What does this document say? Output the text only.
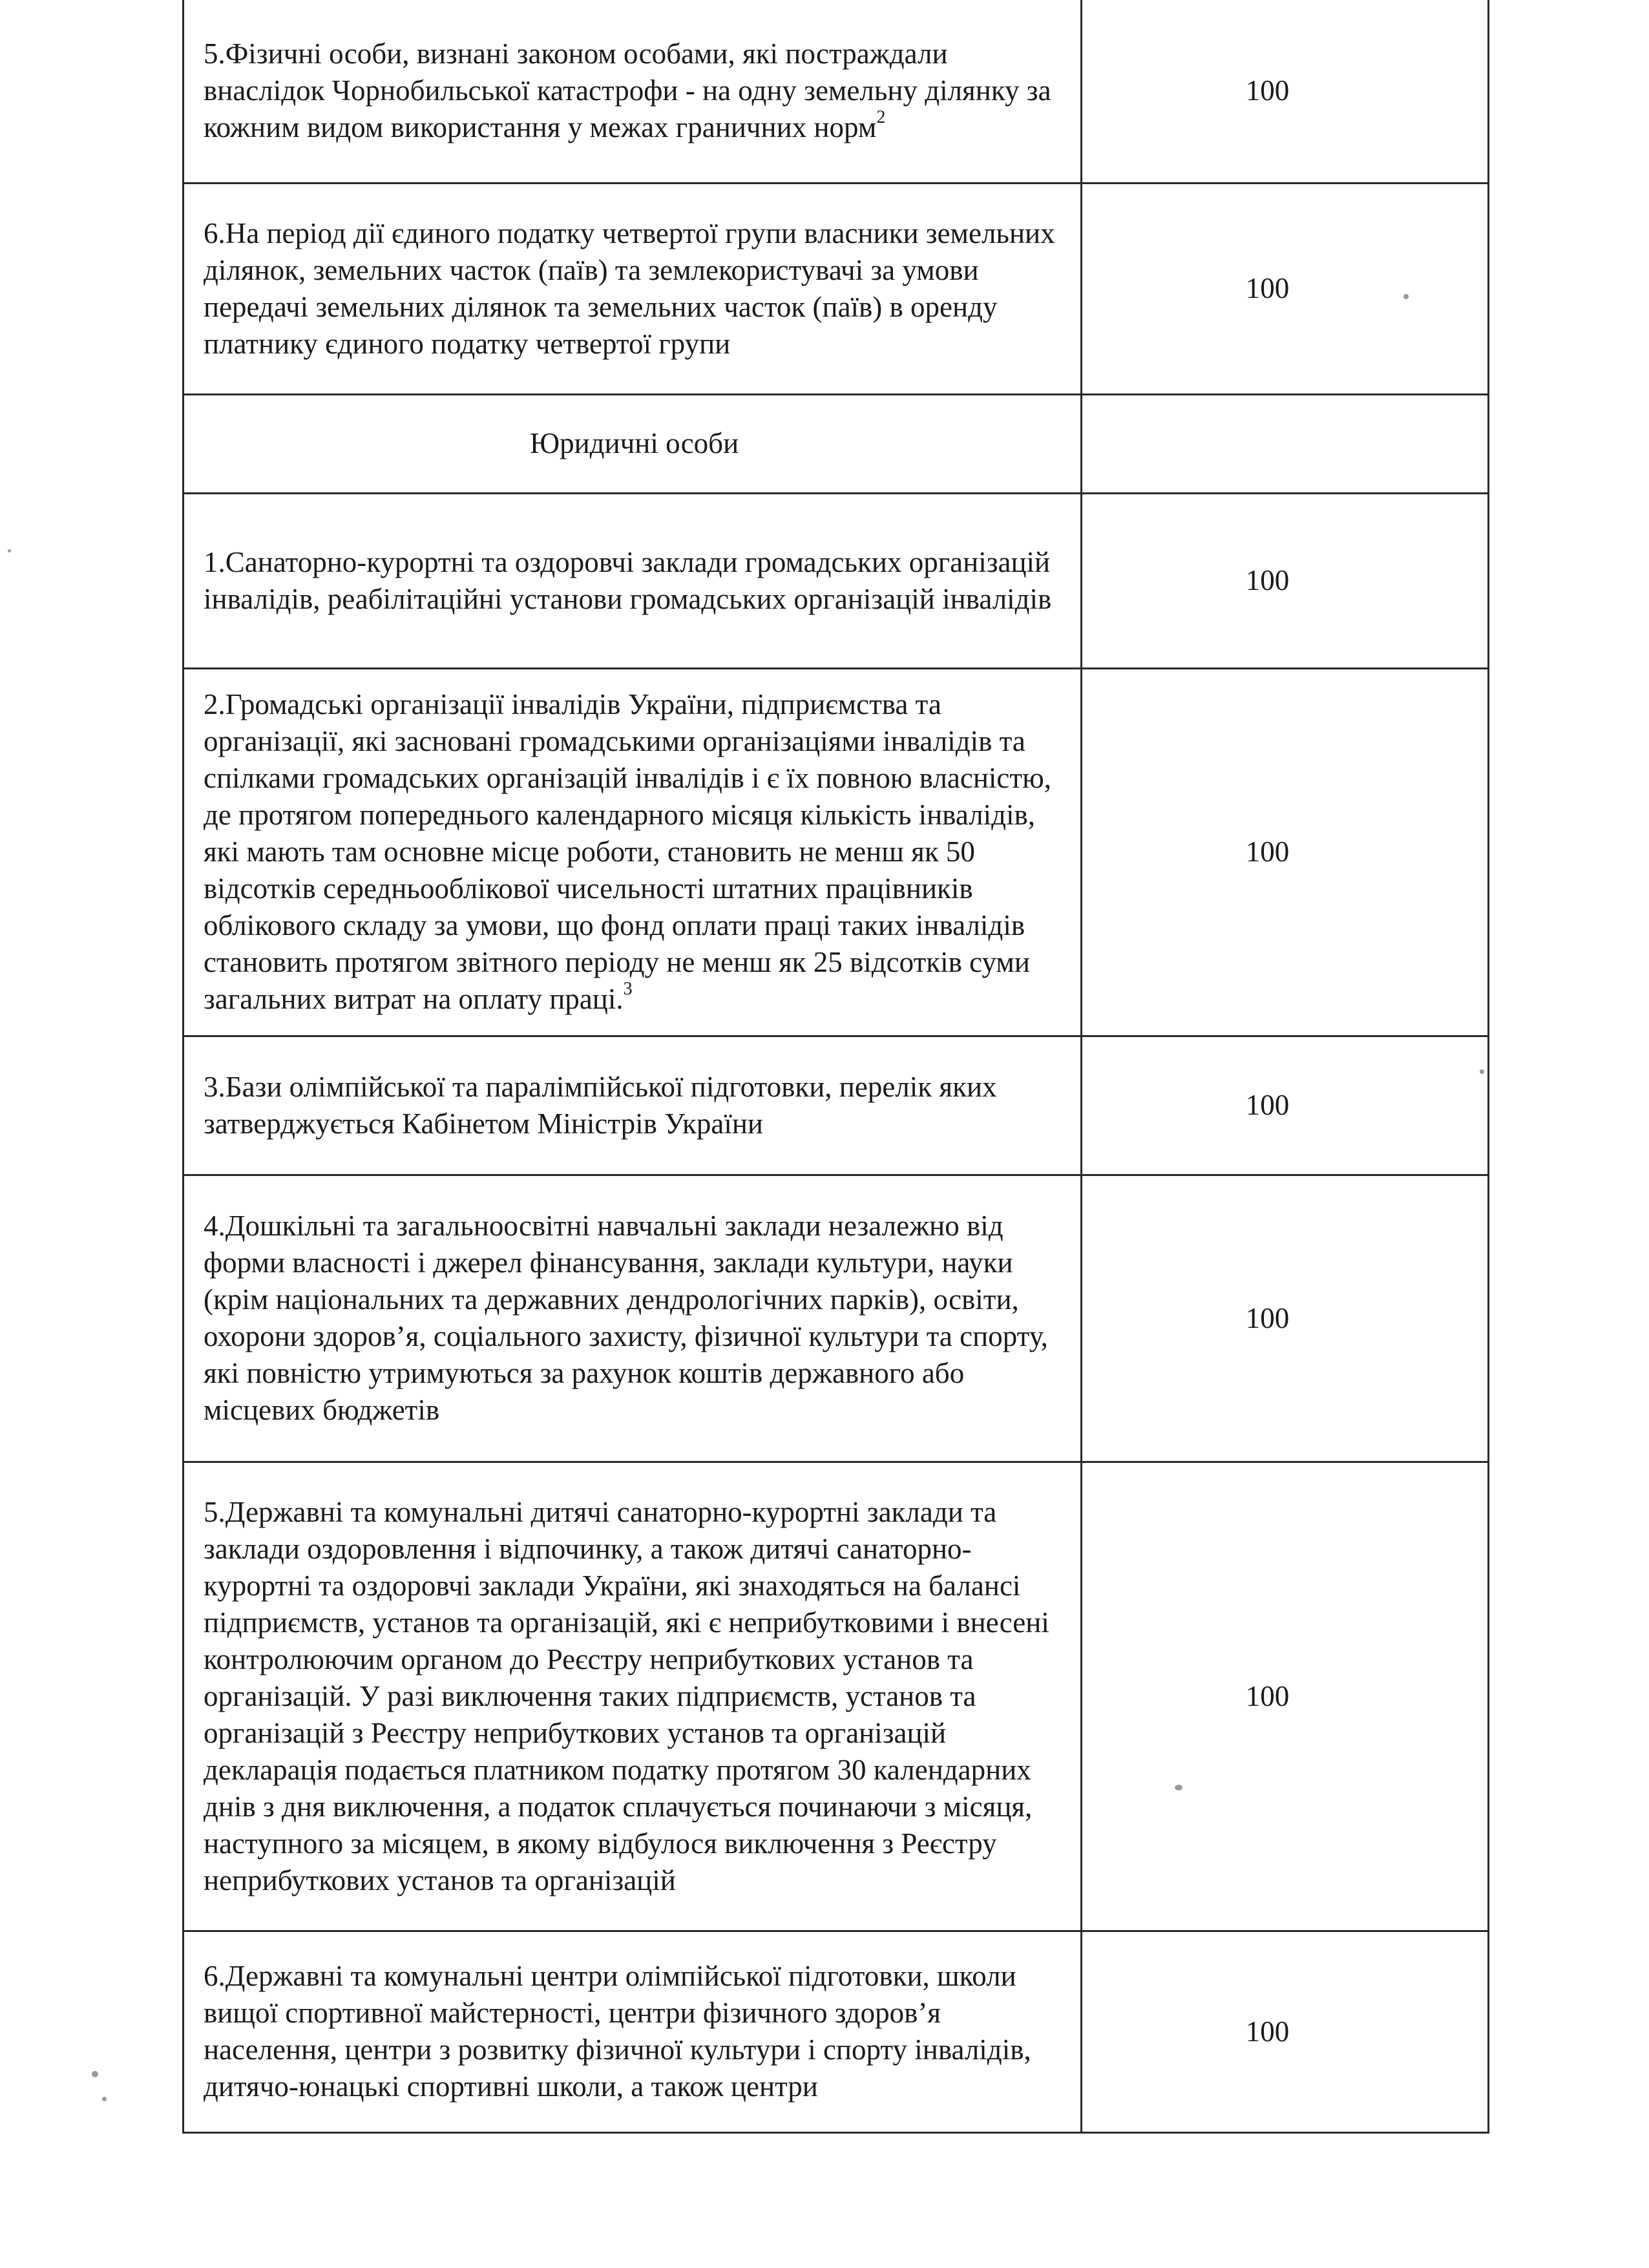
5.Фізичні особи, визнані законом особами, які постраждали внаслідок Чорнобильської катастрофи - на одну земельну ділянку за кожним видом використання у межах граничних норм$^2$	100
6.На період дії єдиного податку четвертої групи власники земельних ділянок, земельних часток (паїв) та землекористувачі за умови передачі земельних ділянок та земельних часток (паїв) в оренду платнику єдиного податку четвертої групи	100
Юридичні особи	
1.Санаторно-курортні та оздоровчі заклади громадських організацій інвалідів, реабілітаційні установи громадських організацій інвалідів	100
2.Громадські організації інвалідів України, підприємства та організації, які засновані громадськими організаціями інвалідів та спілками громадських організацій інвалідів і є їх повною власністю, де протягом попереднього календарного місяця кількість інвалідів, які мають там основне місце роботи, становить не менш як 50 відсотків середньооблікової чисельності штатних працівників облікового складу за умови, що фонд оплати праці таких інвалідів становить протягом звітного періоду не менш як 25 відсотків суми загальних витрат на оплату праці.$^3$	100
3.Бази олімпійської та паралімпійської підготовки, перелік яких затверджується Кабінетом Міністрів України	100
4.Дошкільні та загальноосвітні навчальні заклади незалежно від форми власності і джерел фінансування, заклади культури, науки (крім національних та державних дендрологічних парків), освіти, охорони здоров’я, соціального захисту, фізичної культури та спорту, які повністю утримуються за рахунок коштів державного або місцевих бюджетів	100
5.Державні та комунальні дитячі санаторно-курортні заклади та заклади оздоровлення і відпочинку, а також дитячі санаторно-курортні та оздоровчі заклади України, які знаходяться на балансі підприємств, установ та організацій, які є неприбутковими і внесені контролюючим органом до Реєстру неприбуткових установ та організацій. У разі виключення таких підприємств, установ та організацій з Реєстру неприбуткових установ та організацій декларація подається платником податку протягом 30 календарних днів з дня виключення, а податок сплачується починаючи з місяця, наступного за місяцем, в якому відбулося виключення з Реєстру неприбуткових установ та організацій	100
6.Державні та комунальні центри олімпійської підготовки, школи вищої спортивної майстерності, центри фізичного здоров’я населення, центри з розвитку фізичної культури і спорту інвалідів, дитячо-юнацькі спортивні школи, а також центри	100
